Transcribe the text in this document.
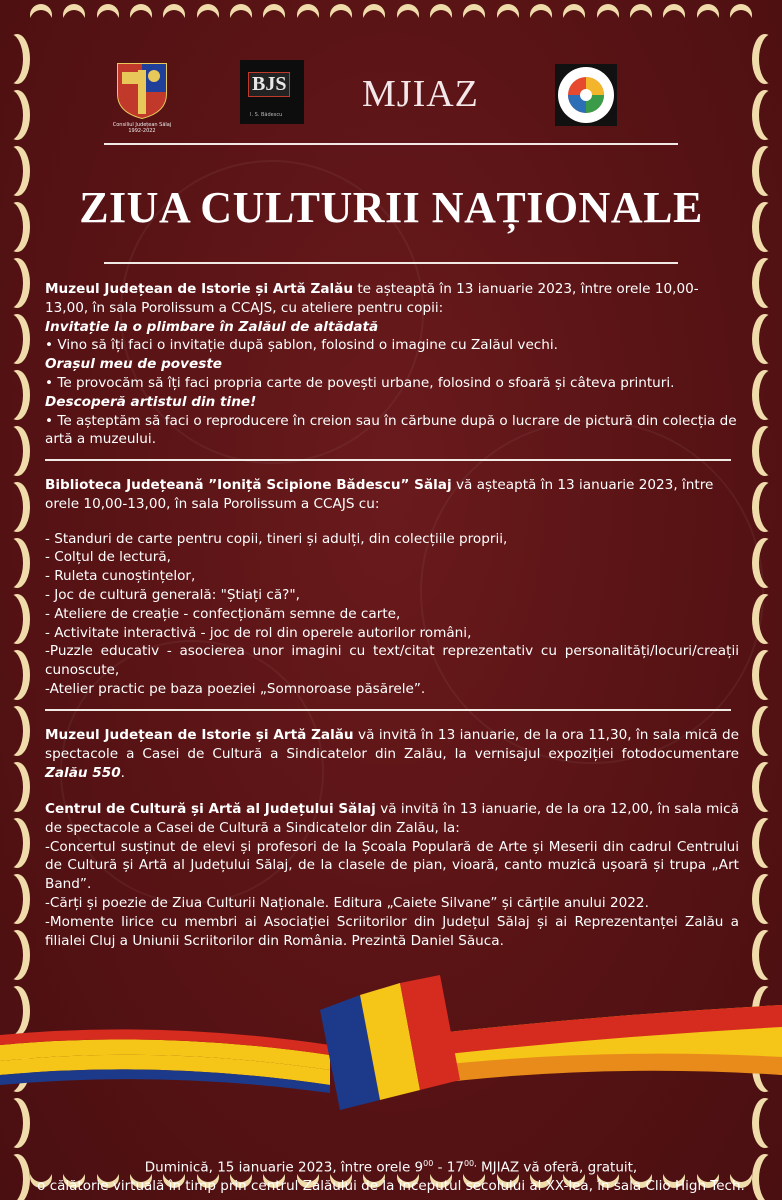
Consiliul Județean Sălaj 1992-2022
BJS
I. S. Bădescu MJIAZ
ZIUA CULTURII NAȚIONALE

Muzeul Județean de Istorie și Artă Zalău te așteaptă în 13 ianuarie 2023, între orele 10,00-13,00, în sala Porolissum a CCAJS, cu ateliere pentru copii:

Invitație la o plimbare în Zalăul de altădată

• Vino să îți faci o invitație după șablon, folosind o imagine cu Zalăul vechi.

Orașul meu de poveste

• Te provocăm să îți faci propria carte de povești urbane, folosind o sfoară și câteva printuri.

Descoperă artistul din tine!

• Te așteptăm să faci o reproducere în creion sau în cărbune după o lucrare de pictură din colecția de artă a muzeului.

Biblioteca Județeană ”Ioniță Scipione Bădescu” Sălaj vă așteaptă în 13 ianuarie 2023, între orele 10,00-13,00, în sala Porolissum a CCAJS cu:

- Standuri de carte pentru copii, tineri și adulți, din colecțiile proprii,

- Colțul de lectură,

- Ruleta cunoștințelor,

- Joc de cultură generală: "Știați că?",

- Ateliere de creație - confecționăm semne de carte,

- Activitate interactivă - joc de rol din operele autorilor români,

-Puzzle educativ - asocierea unor imagini cu text/citat reprezentativ cu personalități/locuri/creații cunoscute,

-Atelier practic pe baza poeziei „Somnoroase păsărele”.

Muzeul Județean de Istorie și Artă Zalău vă invită în 13 ianuarie, de la ora 11,30, în sala mică de spectacole a Casei de Cultură a Sindicatelor din Zalău, la vernisajul expoziției fotodocumentare Zalău 550.

Centrul de Cultură și Artă al Județului Sălaj vă invită în 13 ianuarie, de la ora 12,00, în sala mică de spectacole a Casei de Cultură a Sindicatelor din Zalău, la:

-Concertul susținut de elevi și profesori de la Școala Populară de Arte și Meserii din cadrul Centrului de Cultură și Artă al Județului Sălaj, de la clasele de pian, vioară, canto muzică ușoară și trupa „Art Band”.

-Cărți și poezie de Ziua Culturii Naționale. Editura „Caiete Silvane” și cărțile anului 2022.

-Momente lirice cu membri ai Asociației Scriitorilor din Județul Sălaj și ai Reprezentanței Zalău a filialei Cluj a Uniunii Scriitorilor din România. Prezintă Daniel Săuca.

Duminică, 15 ianuarie 2023, între orele $9^{00} - 17^{00,}$ MJIAZ vă oferă, gratuit,
o călătorie virtuală în timp prin centrul Zalăului de la începutul secolului al XX-lea, în sala Clio High Tech.
